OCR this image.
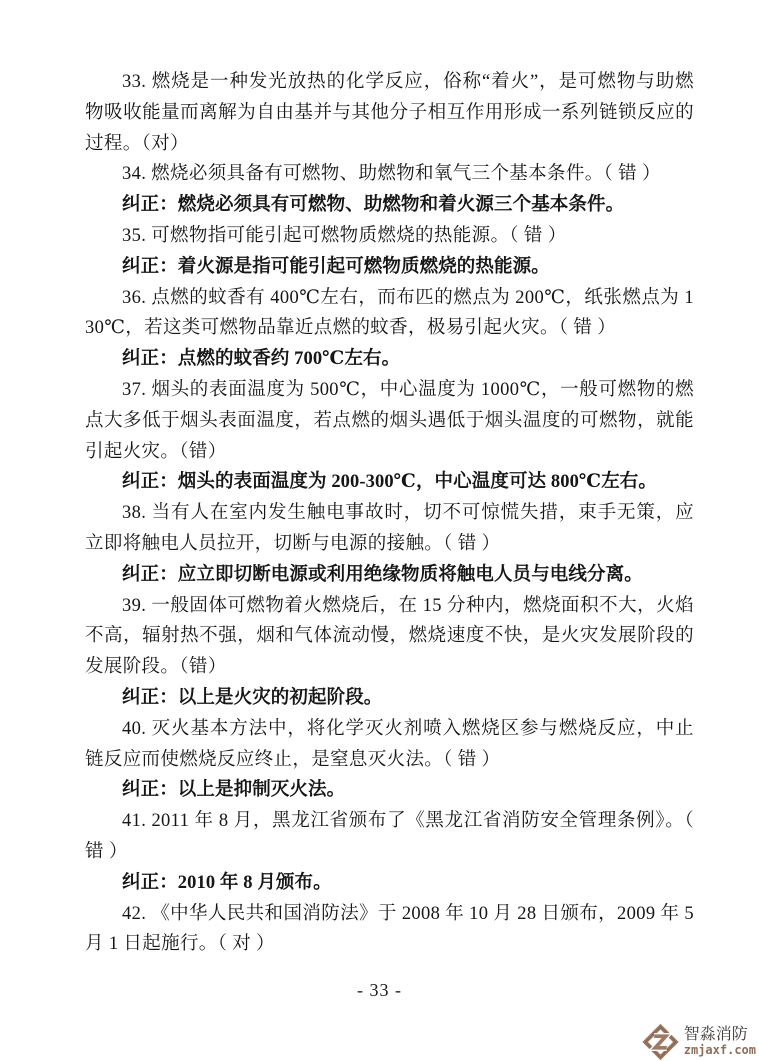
33. 燃烧是一种发光放热的化学反应，俗称“着火”，是可燃物与助燃物吸收能量而离解为自由基并与其他分子相互作用形成一系列链锁反应的过程。（对）

34. 燃烧必须具备有可燃物、助燃物和氧气三个基本条件。（ 错 ）

纠正：燃烧必须具有可燃物、助燃物和着火源三个基本条件。

35. 可燃物指可能引起可燃物质燃烧的热能源。（ 错 ）

纠正：着火源是指可能引起可燃物质燃烧的热能源。

36. 点燃的蚊香有 400℃左右，而布匹的燃点为 200℃，纸张燃点为 130℃，若这类可燃物品靠近点燃的蚊香，极易引起火灾。（ 错 ）

纠正：点燃的蚊香约 700℃左右。

37. 烟头的表面温度为 500℃，中心温度为 1000℃，一般可燃物的燃点大多低于烟头表面温度，若点燃的烟头遇低于烟头温度的可燃物，就能引起火灾。（错）

纠正：烟头的表面温度为 200-300℃，中心温度可达 800℃左右。

38. 当有人在室内发生触电事故时，切不可惊慌失措，束手无策，应立即将触电人员拉开，切断与电源的接触。（ 错 ）

纠正：应立即切断电源或利用绝缘物质将触电人员与电线分离。

39. 一般固体可燃物着火燃烧后，在 15 分种内，燃烧面积不大，火焰不高，辐射热不强，烟和气体流动慢，燃烧速度不快，是火灾发展阶段的发展阶段。（错）

纠正：以上是火灾的初起阶段。

40. 灭火基本方法中，将化学灭火剂喷入燃烧区参与燃烧反应，中止链反应而使燃烧反应终止，是窒息灭火法。（ 错 ）

纠正：以上是抑制灭火法。

41. 2011 年 8 月，黑龙江省颁布了《黑龙江省消防安全管理条例》。（ 错 ）

纠正：2010 年 8 月颁布。

42. 《中华人民共和国消防法》于 2008 年 10 月 28 日颁布，2009 年 5 月 1 日起施行。（ 对 ）

- 33 -
智淼消防
zmjaxf.com
